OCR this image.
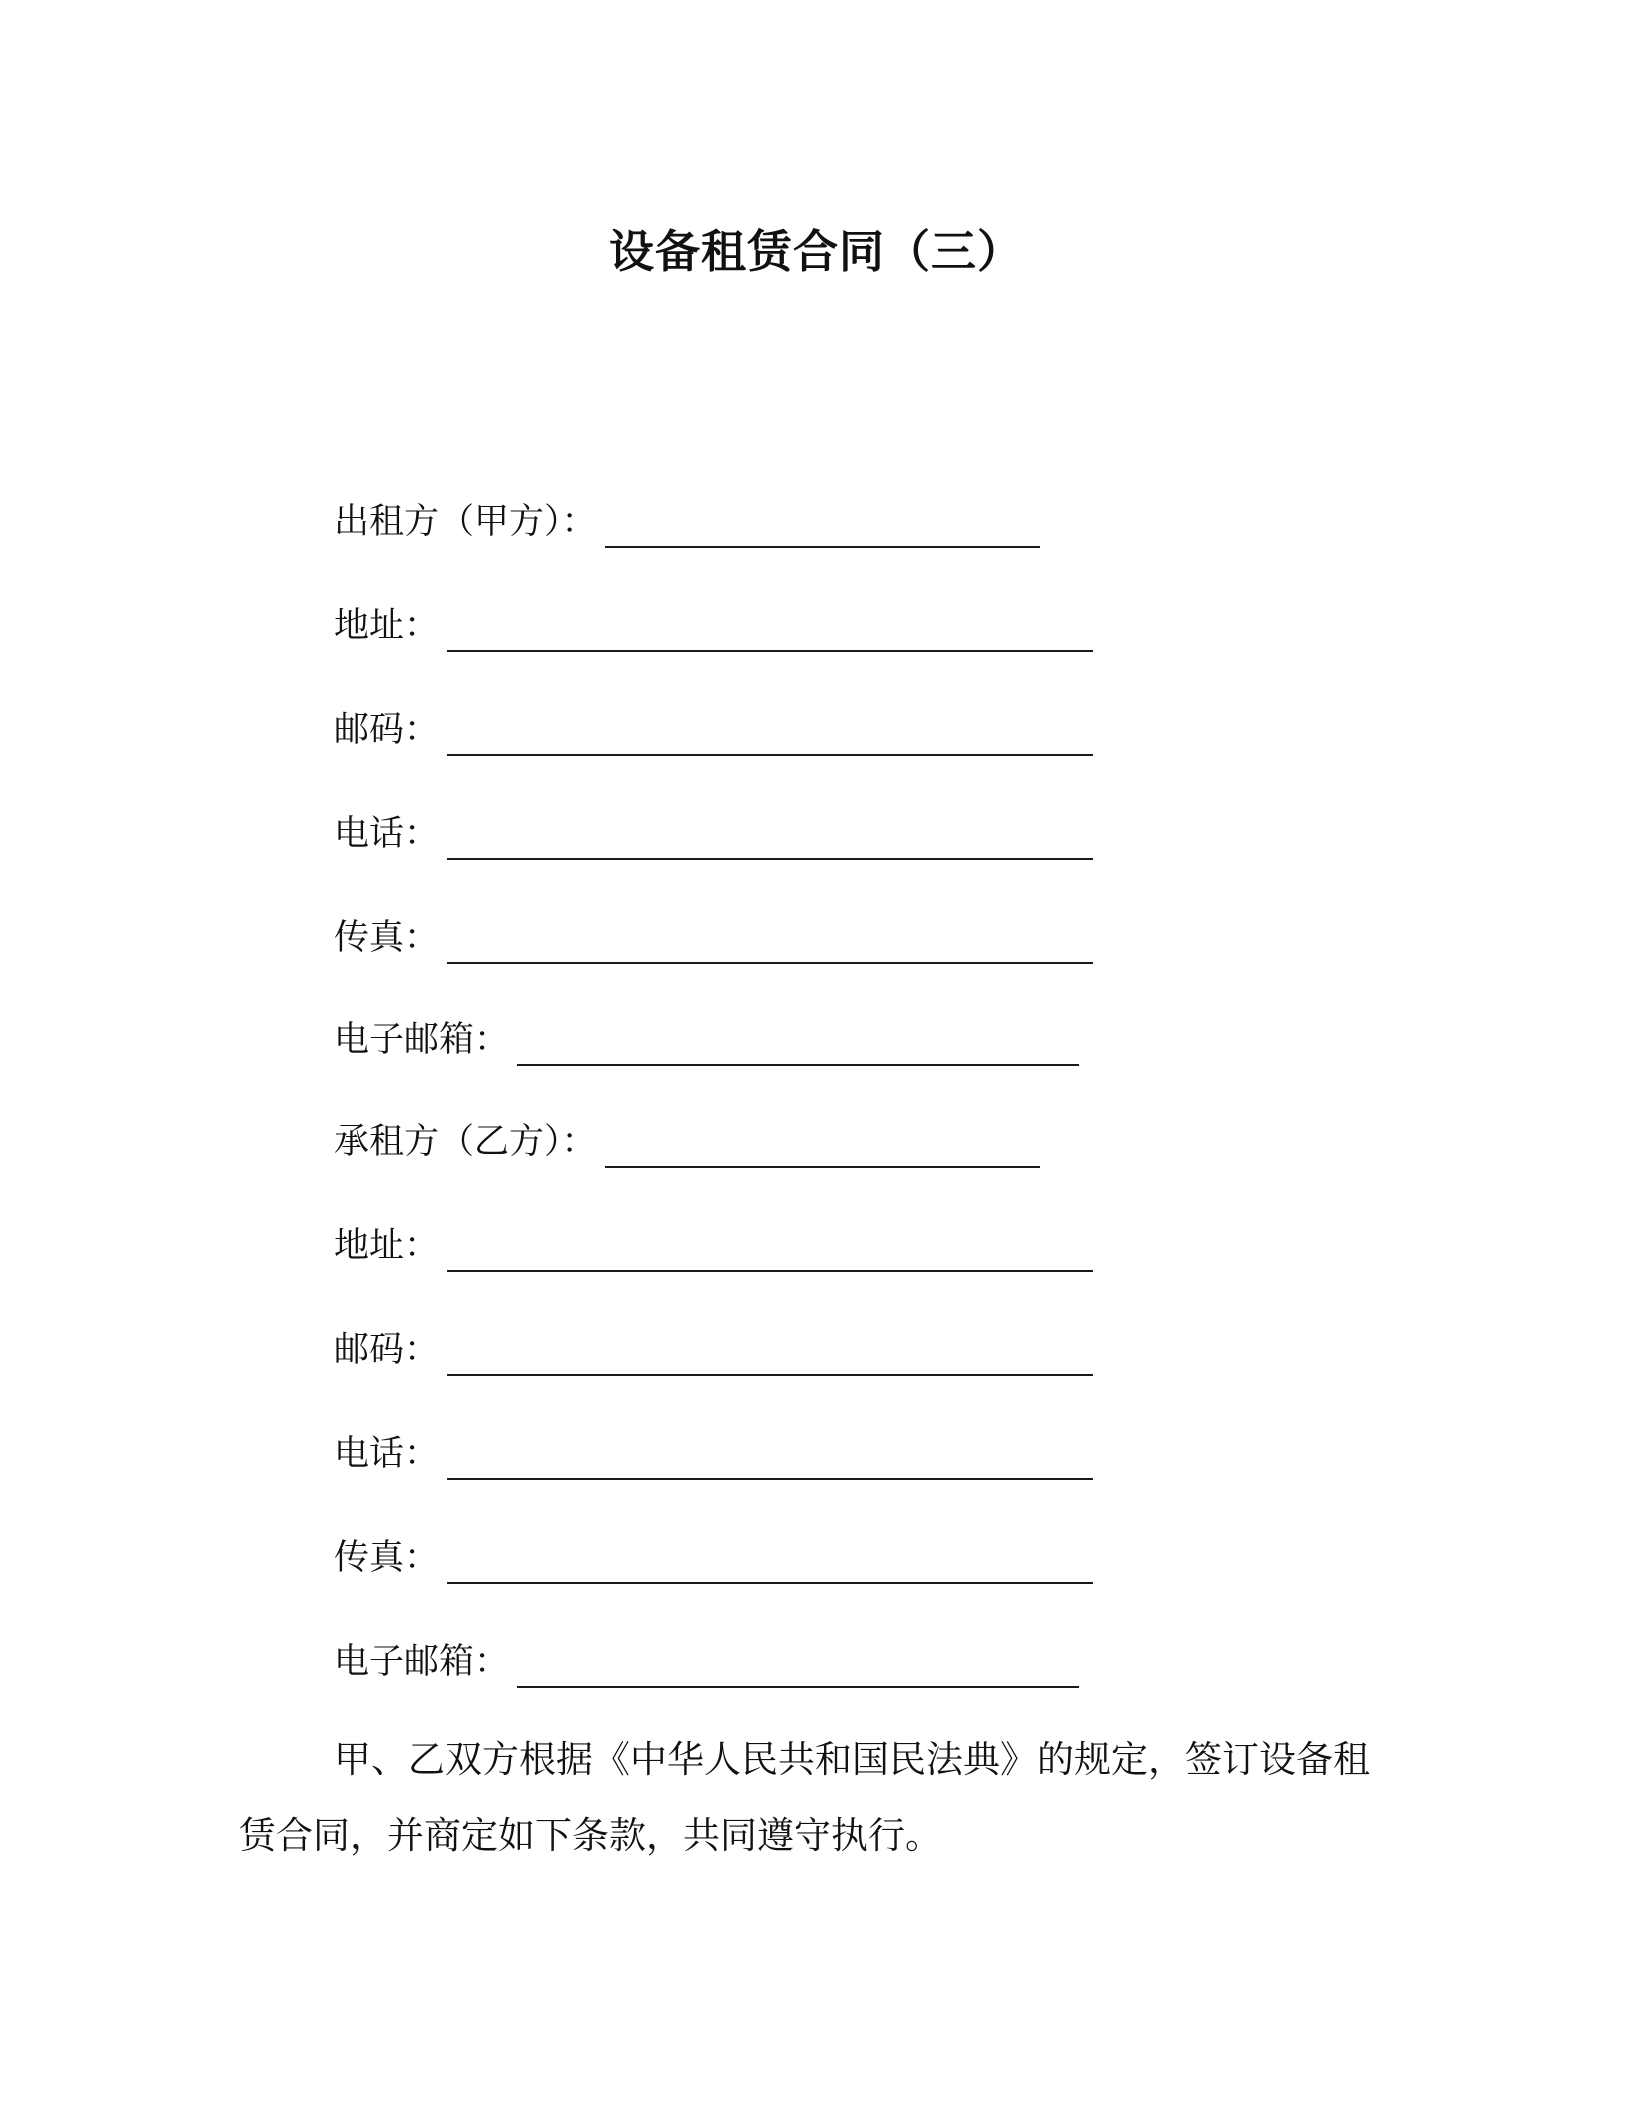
设备租赁合同（三）
出租方（甲方）：
地址：
邮码：
电话：
传真：
电子邮箱：
承租方（乙方）：
地址：
邮码：
电话：
传真：
电子邮箱：
甲、乙双方根据《中华人民共和国民法典》的规定，签订设备租
赁合同，并商定如下条款，共同遵守执行。
